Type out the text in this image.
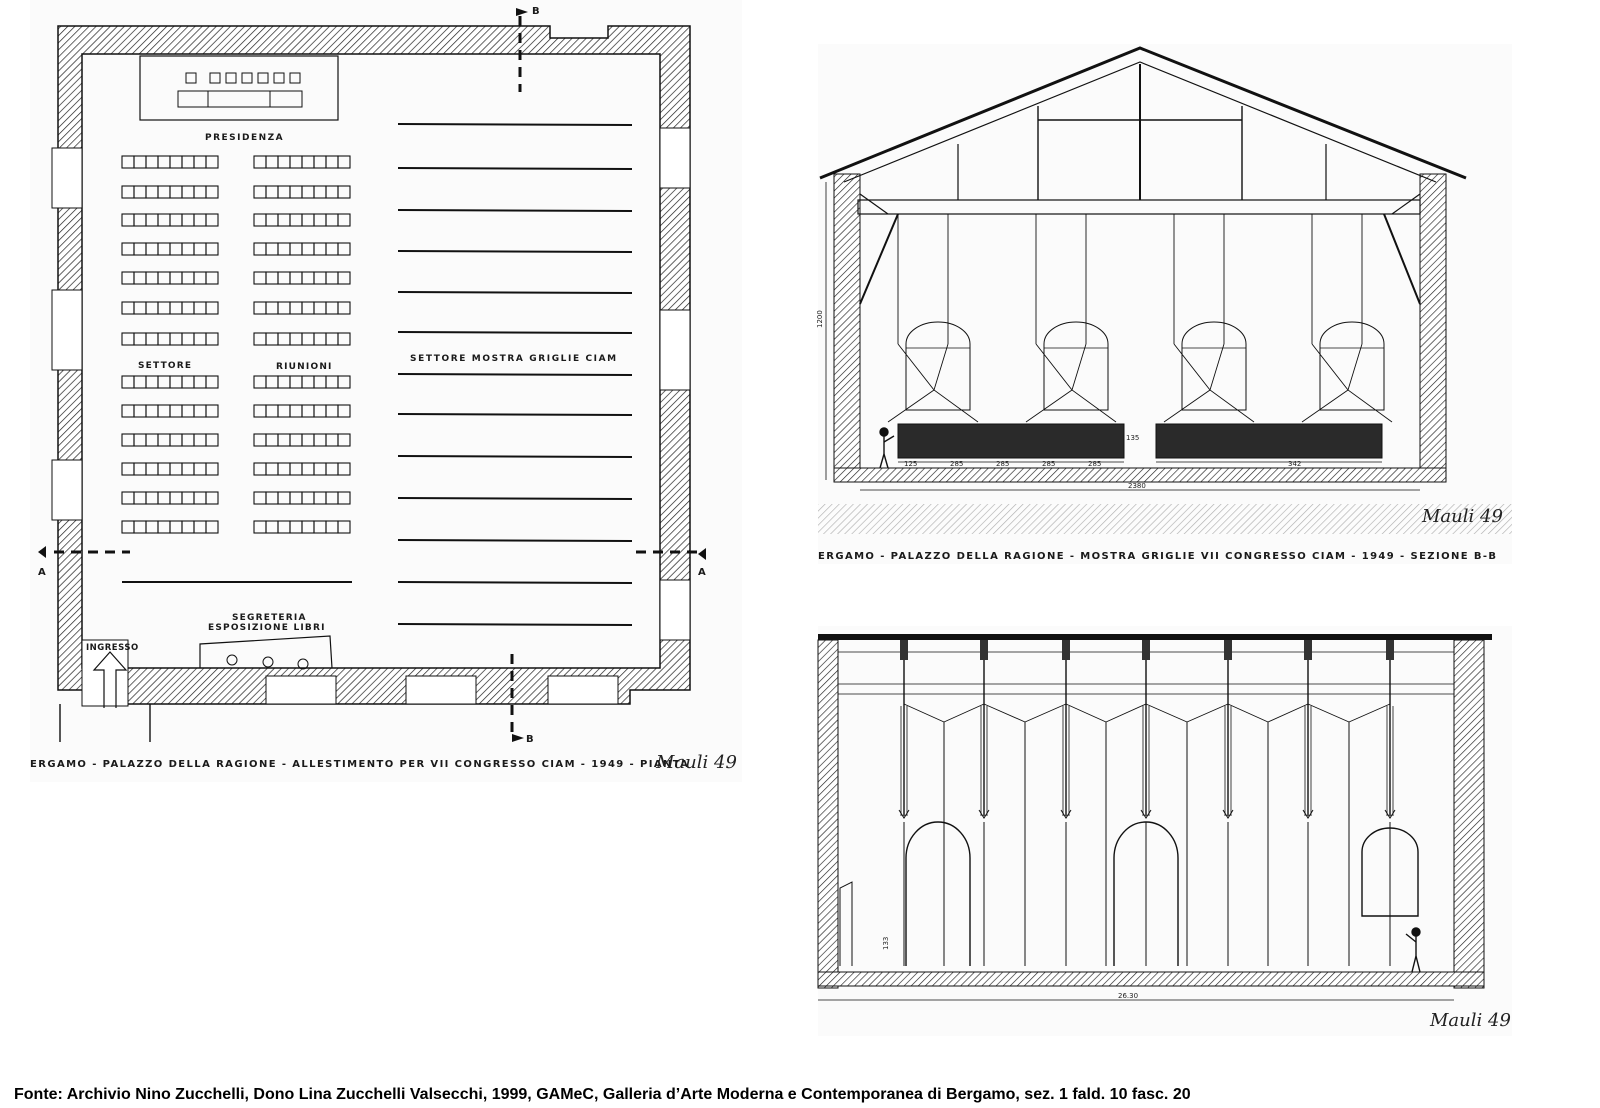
PRESIDENZA
SETTORE	RIUNIONI
SETTORE MOSTRA GRIGLIE CIAM
SEGRETERIA
ESPOSIZIONE LIBRI
INGRESSO
A	A
B
B
ERGAMO - PALAZZO DELLA RAGIONE - ALLESTIMENTO PER VII CONGRESSO CIAM - 1949 - PIANTA
Mauli 49
125	285	285	285	285	342
135
2380
1200
Mauli 49
ERGAMO - PALAZZO DELLA RAGIONE - MOSTRA GRIGLIE VII CONGRESSO CIAM - 1949 - SEZIONE B-B
133
26.30
Mauli 49

Fonte: Archivio Nino Zucchelli, Dono Lina Zucchelli Valsecchi, 1999, GAMeC, Galleria d’Arte Moderna e Contemporanea di Bergamo, sez. 1 fald. 10 fasc. 20
